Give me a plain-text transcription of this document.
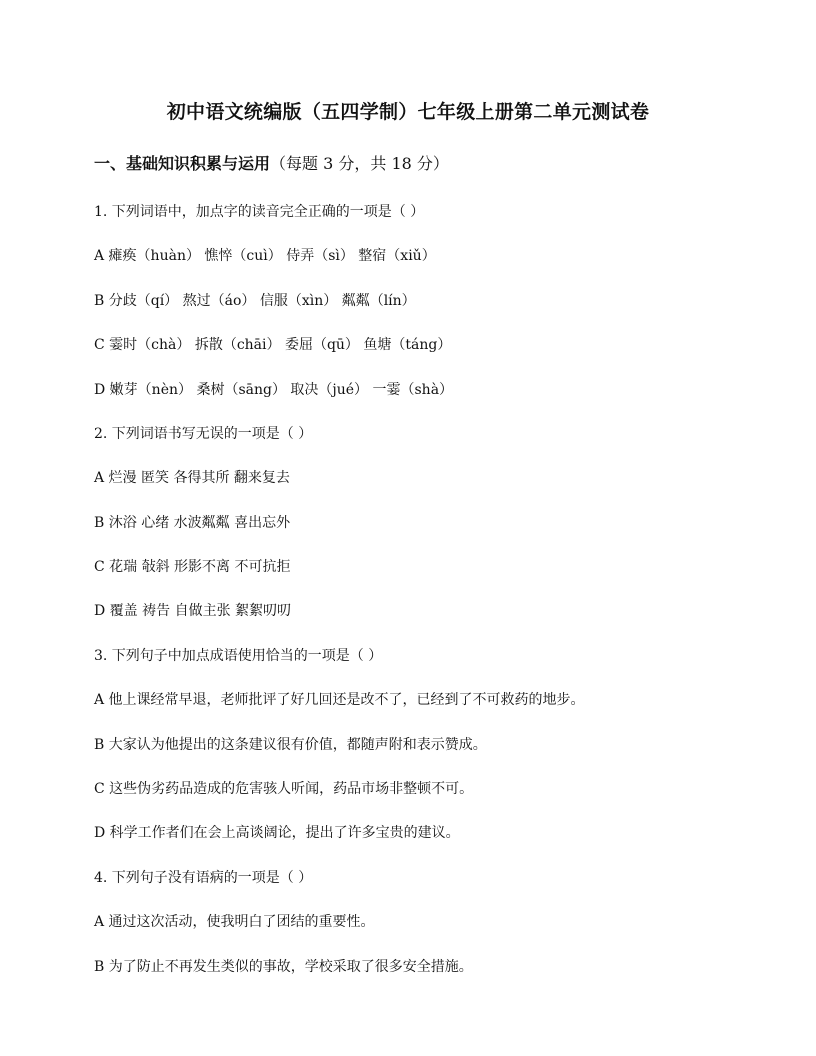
初中语文统编版（五四学制）七年级上册第二单元测试卷
一、基础知识积累与运用（每题 3 分，共 18 分）
1. 下列词语中，加点字的读音完全正确的一项是（ ）
A 瘫痪（huàn） 憔悴（cuì） 侍弄（sì） 整宿（xiǔ）
B 分歧（qí） 熬过（áo） 信服（xìn） 粼粼（lín）
C 霎时（chà） 拆散（chāi） 委屈（qū） 鱼塘（táng）
D 嫩芽（nèn） 桑树（sāng） 取决（jué） 一霎（shà）
2. 下列词语书写无误的一项是（ ）
A 烂漫 匿笑 各得其所 翻来复去
B 沐浴 心绪 水波粼粼 喜出忘外
C 花瑞 敧斜 形影不离 不可抗拒
D 覆盖 祷告 自做主张 絮絮叨叨
3. 下列句子中加点成语使用恰当的一项是（ ）
A 他上课经常早退，老师批评了好几回还是改不了，已经到了不可救药的地步。
B 大家认为他提出的这条建议很有价值，都随声附和表示赞成。
C 这些伪劣药品造成的危害骇人听闻，药品市场非整顿不可。
D 科学工作者们在会上高谈阔论，提出了许多宝贵的建议。
4. 下列句子没有语病的一项是（ ）
A 通过这次活动，使我明白了团结的重要性。
B 为了防止不再发生类似的事故，学校采取了很多安全措施。
